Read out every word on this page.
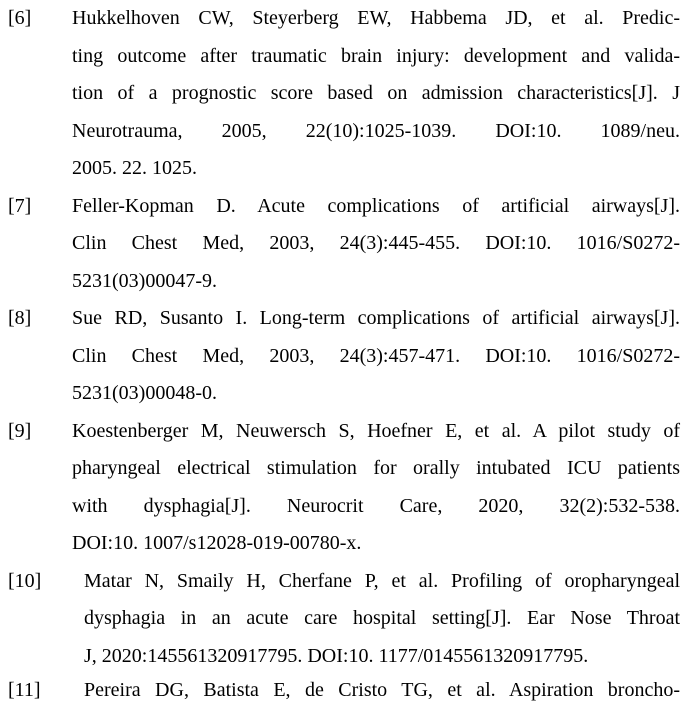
[6] Hukkelhoven CW, Steyerberg EW, Habbema JD, et al. Predic-
ting outcome after traumatic brain injury: development and valida-
tion of a prognostic score based on admission characteristics[J]. J
Neurotrauma, 2005, 22(10):1025-1039. DOI:10. 1089/neu.
2005. 22. 1025.
[7] Feller-Kopman D. Acute complications of artificial airways[J].
Clin Chest Med, 2003, 24(3):445-455. DOI:10. 1016/S0272-
5231(03)00047-9.
[8] Sue RD, Susanto I. Long-term complications of artificial airways[J].
Clin Chest Med, 2003, 24(3):457-471. DOI:10. 1016/S0272-
5231(03)00048-0.
[9] Koestenberger M, Neuwersch S, Hoefner E, et al. A pilot study of
pharyngeal electrical stimulation for orally intubated ICU patients
with dysphagia[J]. Neurocrit Care, 2020, 32(2):532-538.
DOI:10. 1007/s12028-019-00780-x.
[10] Matar N, Smaily H, Cherfane P, et al. Profiling of oropharyngeal
dysphagia in an acute care hospital setting[J]. Ear Nose Throat
J, 2020:145561320917795. DOI:10. 1177/0145561320917795.
[11] Pereira DG, Batista E, de Cristo TG, et al. Aspiration broncho-
